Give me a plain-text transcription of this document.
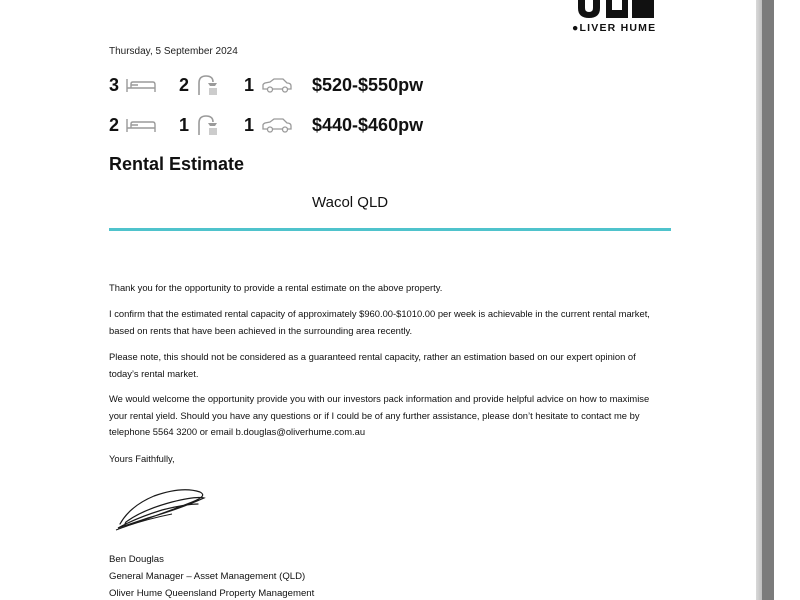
●LIVER HUME
Thursday, 5 September 2024
3	2	1	$520-$550pw
2	1	1	$440-$460pw
Rental Estimate
Wacol QLD

Thank you for the opportunity to provide a rental estimate on the above property.

I confirm that the estimated rental capacity of approximately $960.00-$1010.00 per week is achievable in the current rental market, based on rents that have been achieved in the surrounding area recently.

Please note, this should not be considered as a guaranteed rental capacity, rather an estimation based on our expert opinion of today’s rental market.

We would welcome the opportunity provide you with our investors pack information and provide helpful advice on how to maximise your rental yield. Should you have any questions or if I could be of any further assistance, please don’t hesitate to contact me by telephone 5564 3200 or email b.douglas@oliverhume.com.au

Yours Faithfully,

Ben Douglas
General Manager – Asset Management (QLD)
Oliver Hume Queensland Property Management
